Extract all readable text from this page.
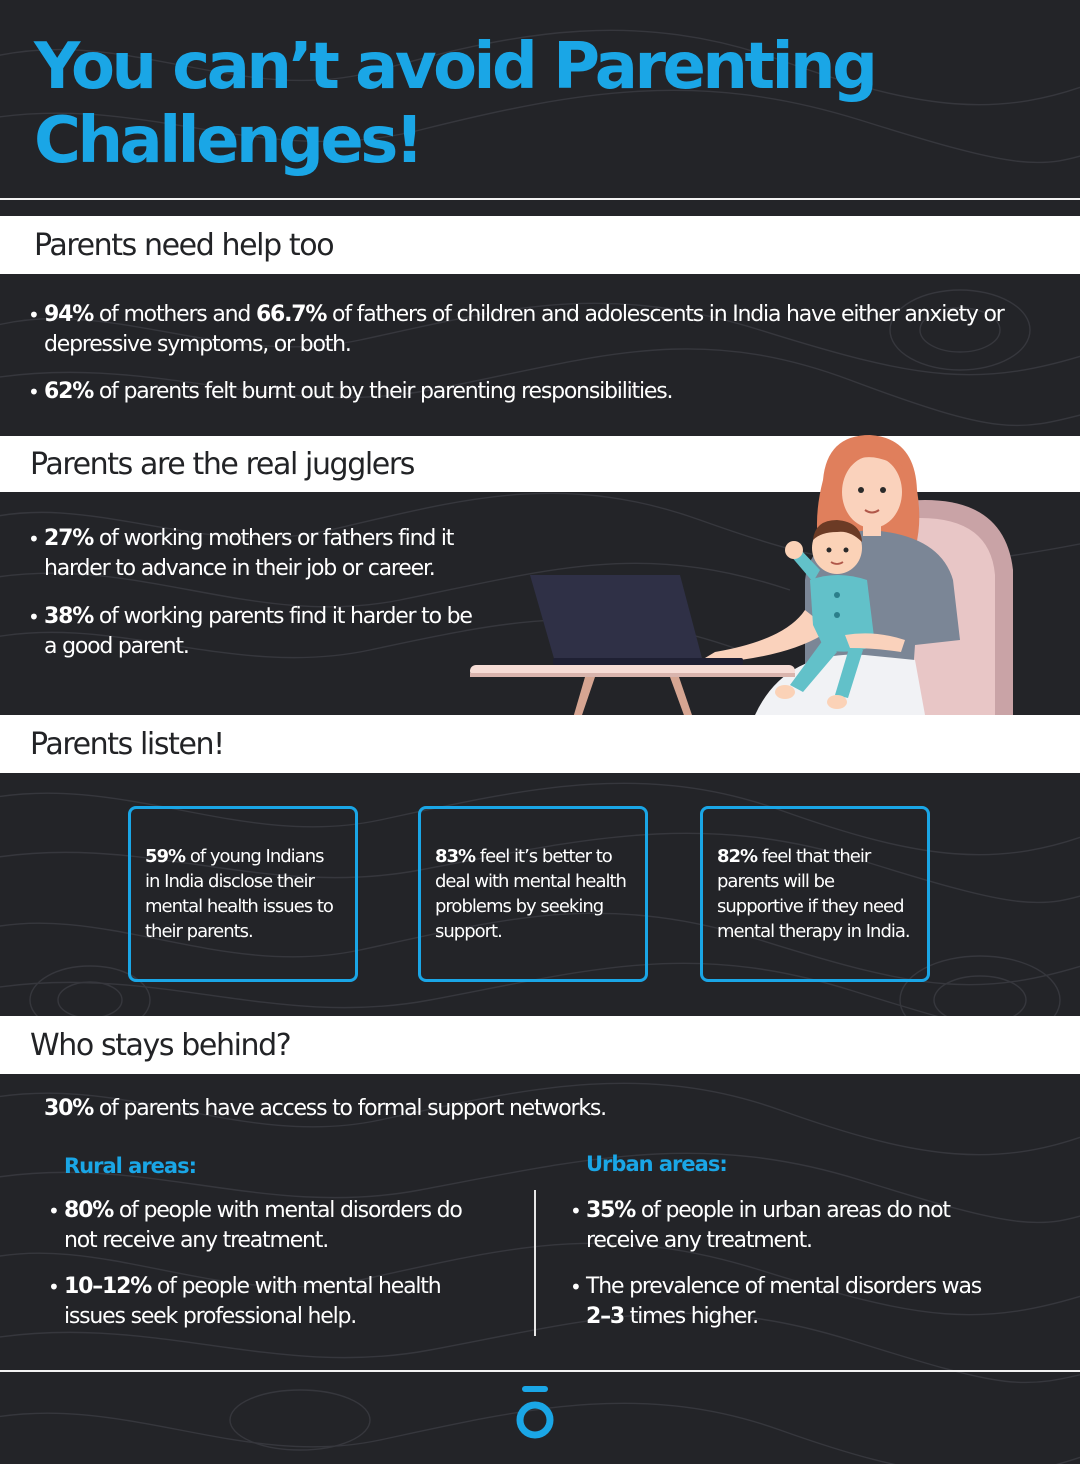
You can’t avoid Parenting
Challenges!
Parents need help too
• 94% of mothers and 66.7% of fathers of children and adolescents in India have either anxiety or depressive symptoms, or both.
• 62% of parents felt burnt out by their parenting responsibilities.
Parents are the real jugglers
• 27% of working mothers or fathers find it harder to advance in their job or career.
• 38% of working parents find it harder to be a good parent.
Parents listen!

59% of young Indians in India disclose their mental health issues to their parents.

83% feel it’s better to deal with mental health problems by seeking support.

82% feel that their parents will be supportive if they need mental therapy in India.

Who stays behind?
30% of parents have access to formal support networks.
Rural areas:	Urban areas:
• 80% of people with mental disorders do not receive any treatment.
• 10–12% of people with mental health issues seek professional help.
• 35% of people in urban areas do not receive any treatment.
• The prevalence of mental disorders was 2–3 times higher.
